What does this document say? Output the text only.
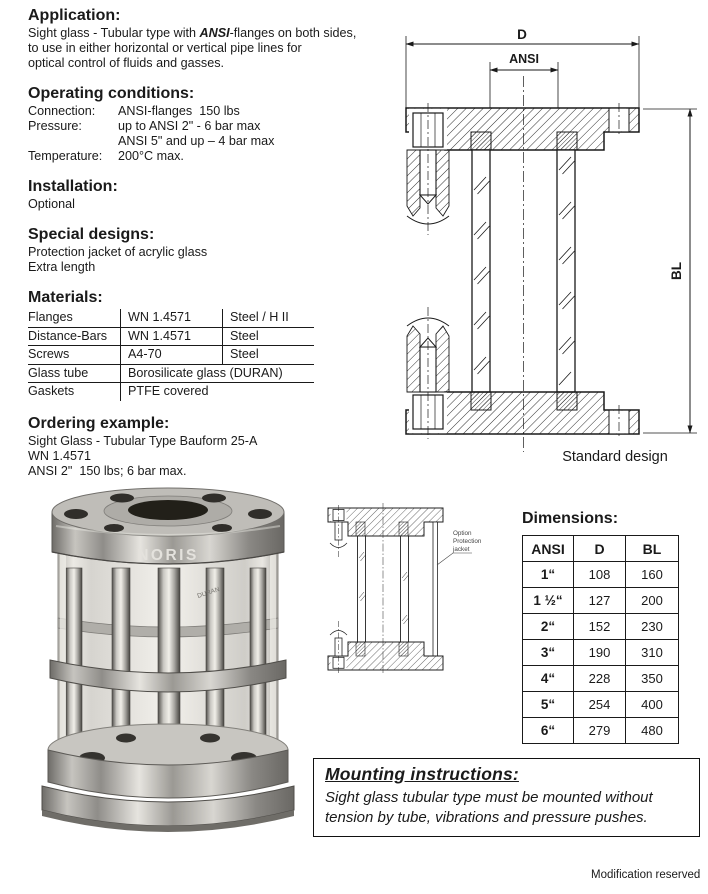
Application:

Sight glass - Tubular type with ANSI-flanges on both sides,

to use in either horizontal or vertical pipe lines for

optical control of fluids and gasses.

Operating conditions:
Connection:	ANSI-flanges  150 lbs
Pressure:	up to ANSI 2" - 6 bar max
ANSI 5" and up – 4 bar max
Temperature:	200°C max.
Installation:

Optional

Special designs:

Protection jacket of acrylic glass

Extra length

Materials:
Flanges	WN 1.4571	Steel / H II
Distance-Bars	WN 1.4571	Steel
Screws	A4-70	Steel
Glass tube	Borosilicate glass (DURAN)	
Gaskets	PTFE covered	
Ordering example:

Sight Glass - Tubular Type Bauform 25-A

WN 1.4571

ANSI 2"  150 lbs; 6 bar max.

D
ANSI
BL
Standard design
DURAN
NORIS
Option
Protection
jacket
Dimensions:
ANSI	D	BL
1“	108	160
1 ½“	127	200
2“	152	230
3“	190	310
4“	228	350
5“	254	400
6“	279	480
Mounting instructions:

Sight glass tubular type must be mounted without

tension by tube, vibrations and pressure pushes.

Modification reserved
